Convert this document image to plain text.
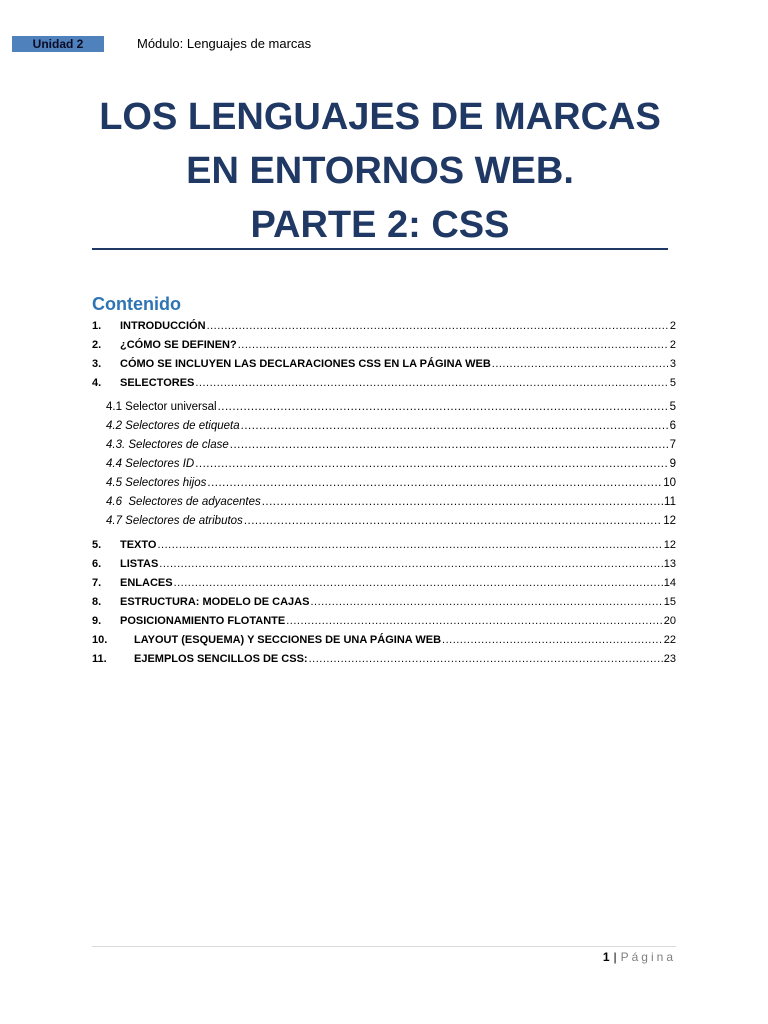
Unidad 2	Módulo: Lenguajes de marcas
LOS LENGUAJES DE MARCAS
EN ENTORNOS WEB.
PARTE 2: CSS
Contenido
1.	INTRODUCCIÓN .....	2
2.	¿CÓMO SE DEFINEN? .....	2
3.	CÓMO SE INCLUYEN LAS DECLARACIONES CSS EN LA PÁGINA WEB .....	3
4.	SELECTORES .....	5
4.1 Selector universal .....	5
4.2 Selectores de etiqueta .....	6
4.3. Selectores de clase .....	7
4.4 Selectores ID .....	9
4.5 Selectores hijos .....	10
4.6  Selectores de adyacentes .....	11
4.7 Selectores de atributos .....	12
5.	TEXTO .....	12
6.	LISTAS .....	13
7.	ENLACES .....	14
8.	ESTRUCTURA: MODELO DE CAJAS .....	15
9.	POSICIONAMIENTO FLOTANTE .....	20
10.	LAYOUT (ESQUEMA) Y SECCIONES DE UNA PÁGINA WEB .....	22
11.	EJEMPLOS SENCILLOS DE CSS: .....	23
1 | Página
